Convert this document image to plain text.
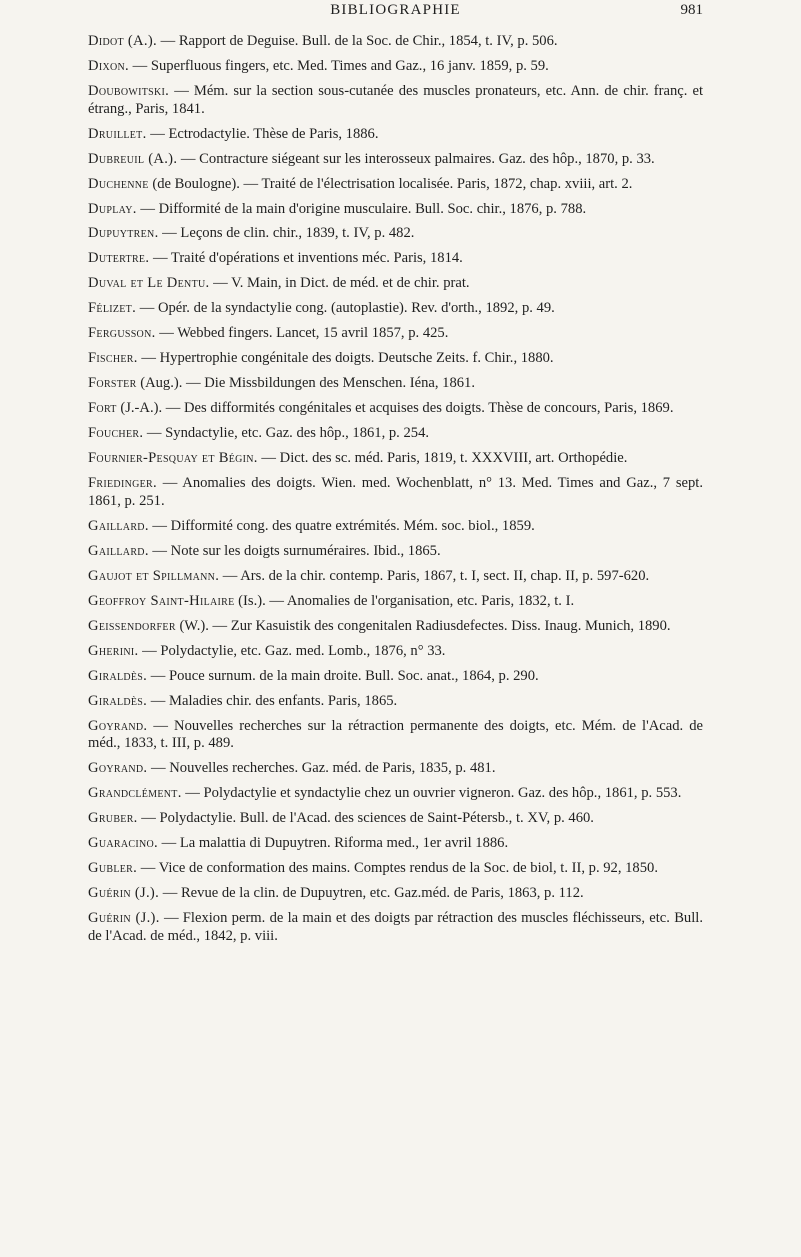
BIBLIOGRAPHIE	981

Didot (A.). — Rapport de Deguise. Bull. de la Soc. de Chir., 1854, t. IV, p. 506.

Dixon. — Superfluous fingers, etc. Med. Times and Gaz., 16 janv. 1859, p. 59.

Doubowitski. — Mém. sur la section sous-cutanée des muscles pronateurs, etc. Ann. de chir. franç. et étrang., Paris, 1841.

Druillet. — Ectrodactylie. Thèse de Paris, 1886.

Dubreuil (A.). — Contracture siégeant sur les interosseux palmaires. Gaz. des hôp., 1870, p. 33.

Duchenne (de Boulogne). — Traité de l'électrisation localisée. Paris, 1872, chap. xviii, art. 2.

Duplay. — Difformité de la main d'origine musculaire. Bull. Soc. chir., 1876, p. 788.

Dupuytren. — Leçons de clin. chir., 1839, t. IV, p. 482.

Dutertre. — Traité d'opérations et inventions méc. Paris, 1814.

Duval et Le Dentu. — V. Main, in Dict. de méd. et de chir. prat.

Félizet. — Opér. de la syndactylie cong. (autoplastie). Rev. d'orth., 1892, p. 49.

Fergusson. — Webbed fingers. Lancet, 15 avril 1857, p. 425.

Fischer. — Hypertrophie congénitale des doigts. Deutsche Zeits. f. Chir., 1880.

Forster (Aug.). — Die Missbildungen des Menschen. Iéna, 1861.

Fort (J.-A.). — Des difformités congénitales et acquises des doigts. Thèse de concours, Paris, 1869.

Foucher. — Syndactylie, etc. Gaz. des hôp., 1861, p. 254.

Fournier-Pesquay et Bégin. — Dict. des sc. méd. Paris, 1819, t. XXXVIII, art. Orthopédie.

Friedinger. — Anomalies des doigts. Wien. med. Wochenblatt, n° 13. Med. Times and Gaz., 7 sept. 1861, p. 251.

Gaillard. — Difformité cong. des quatre extrémités. Mém. soc. biol., 1859.

Gaillard. — Note sur les doigts surnuméraires. Ibid., 1865.

Gaujot et Spillmann. — Ars. de la chir. contemp. Paris, 1867, t. I, sect. II, chap. II, p. 597-620.

Geoffroy Saint-Hilaire (Is.). — Anomalies de l'organisation, etc. Paris, 1832, t. I.

Geissendorfer (W.). — Zur Kasuistik des congenitalen Radiusdefectes. Diss. Inaug. Munich, 1890.

Gherini. — Polydactylie, etc. Gaz. med. Lomb., 1876, n° 33.

Giraldès. — Pouce surnum. de la main droite. Bull. Soc. anat., 1864, p. 290.

Giraldès. — Maladies chir. des enfants. Paris, 1865.

Goyrand. — Nouvelles recherches sur la rétraction permanente des doigts, etc. Mém. de l'Acad. de méd., 1833, t. III, p. 489.

Goyrand. — Nouvelles recherches. Gaz. méd. de Paris, 1835, p. 481.

Grandclément. — Polydactylie et syndactylie chez un ouvrier vigneron. Gaz. des hôp., 1861, p. 553.

Gruber. — Polydactylie. Bull. de l'Acad. des sciences de Saint-Pétersb., t. XV, p. 460.

Guaracino. — La malattia di Dupuytren. Riforma med., 1er avril 1886.

Gubler. — Vice de conformation des mains. Comptes rendus de la Soc. de biol, t. II, p. 92, 1850.

Guérin (J.). — Revue de la clin. de Dupuytren, etc. Gaz.méd. de Paris, 1863, p. 112.

Guérin (J.). — Flexion perm. de la main et des doigts par rétraction des muscles fléchisseurs, etc. Bull. de l'Acad. de méd., 1842, p. viii.
